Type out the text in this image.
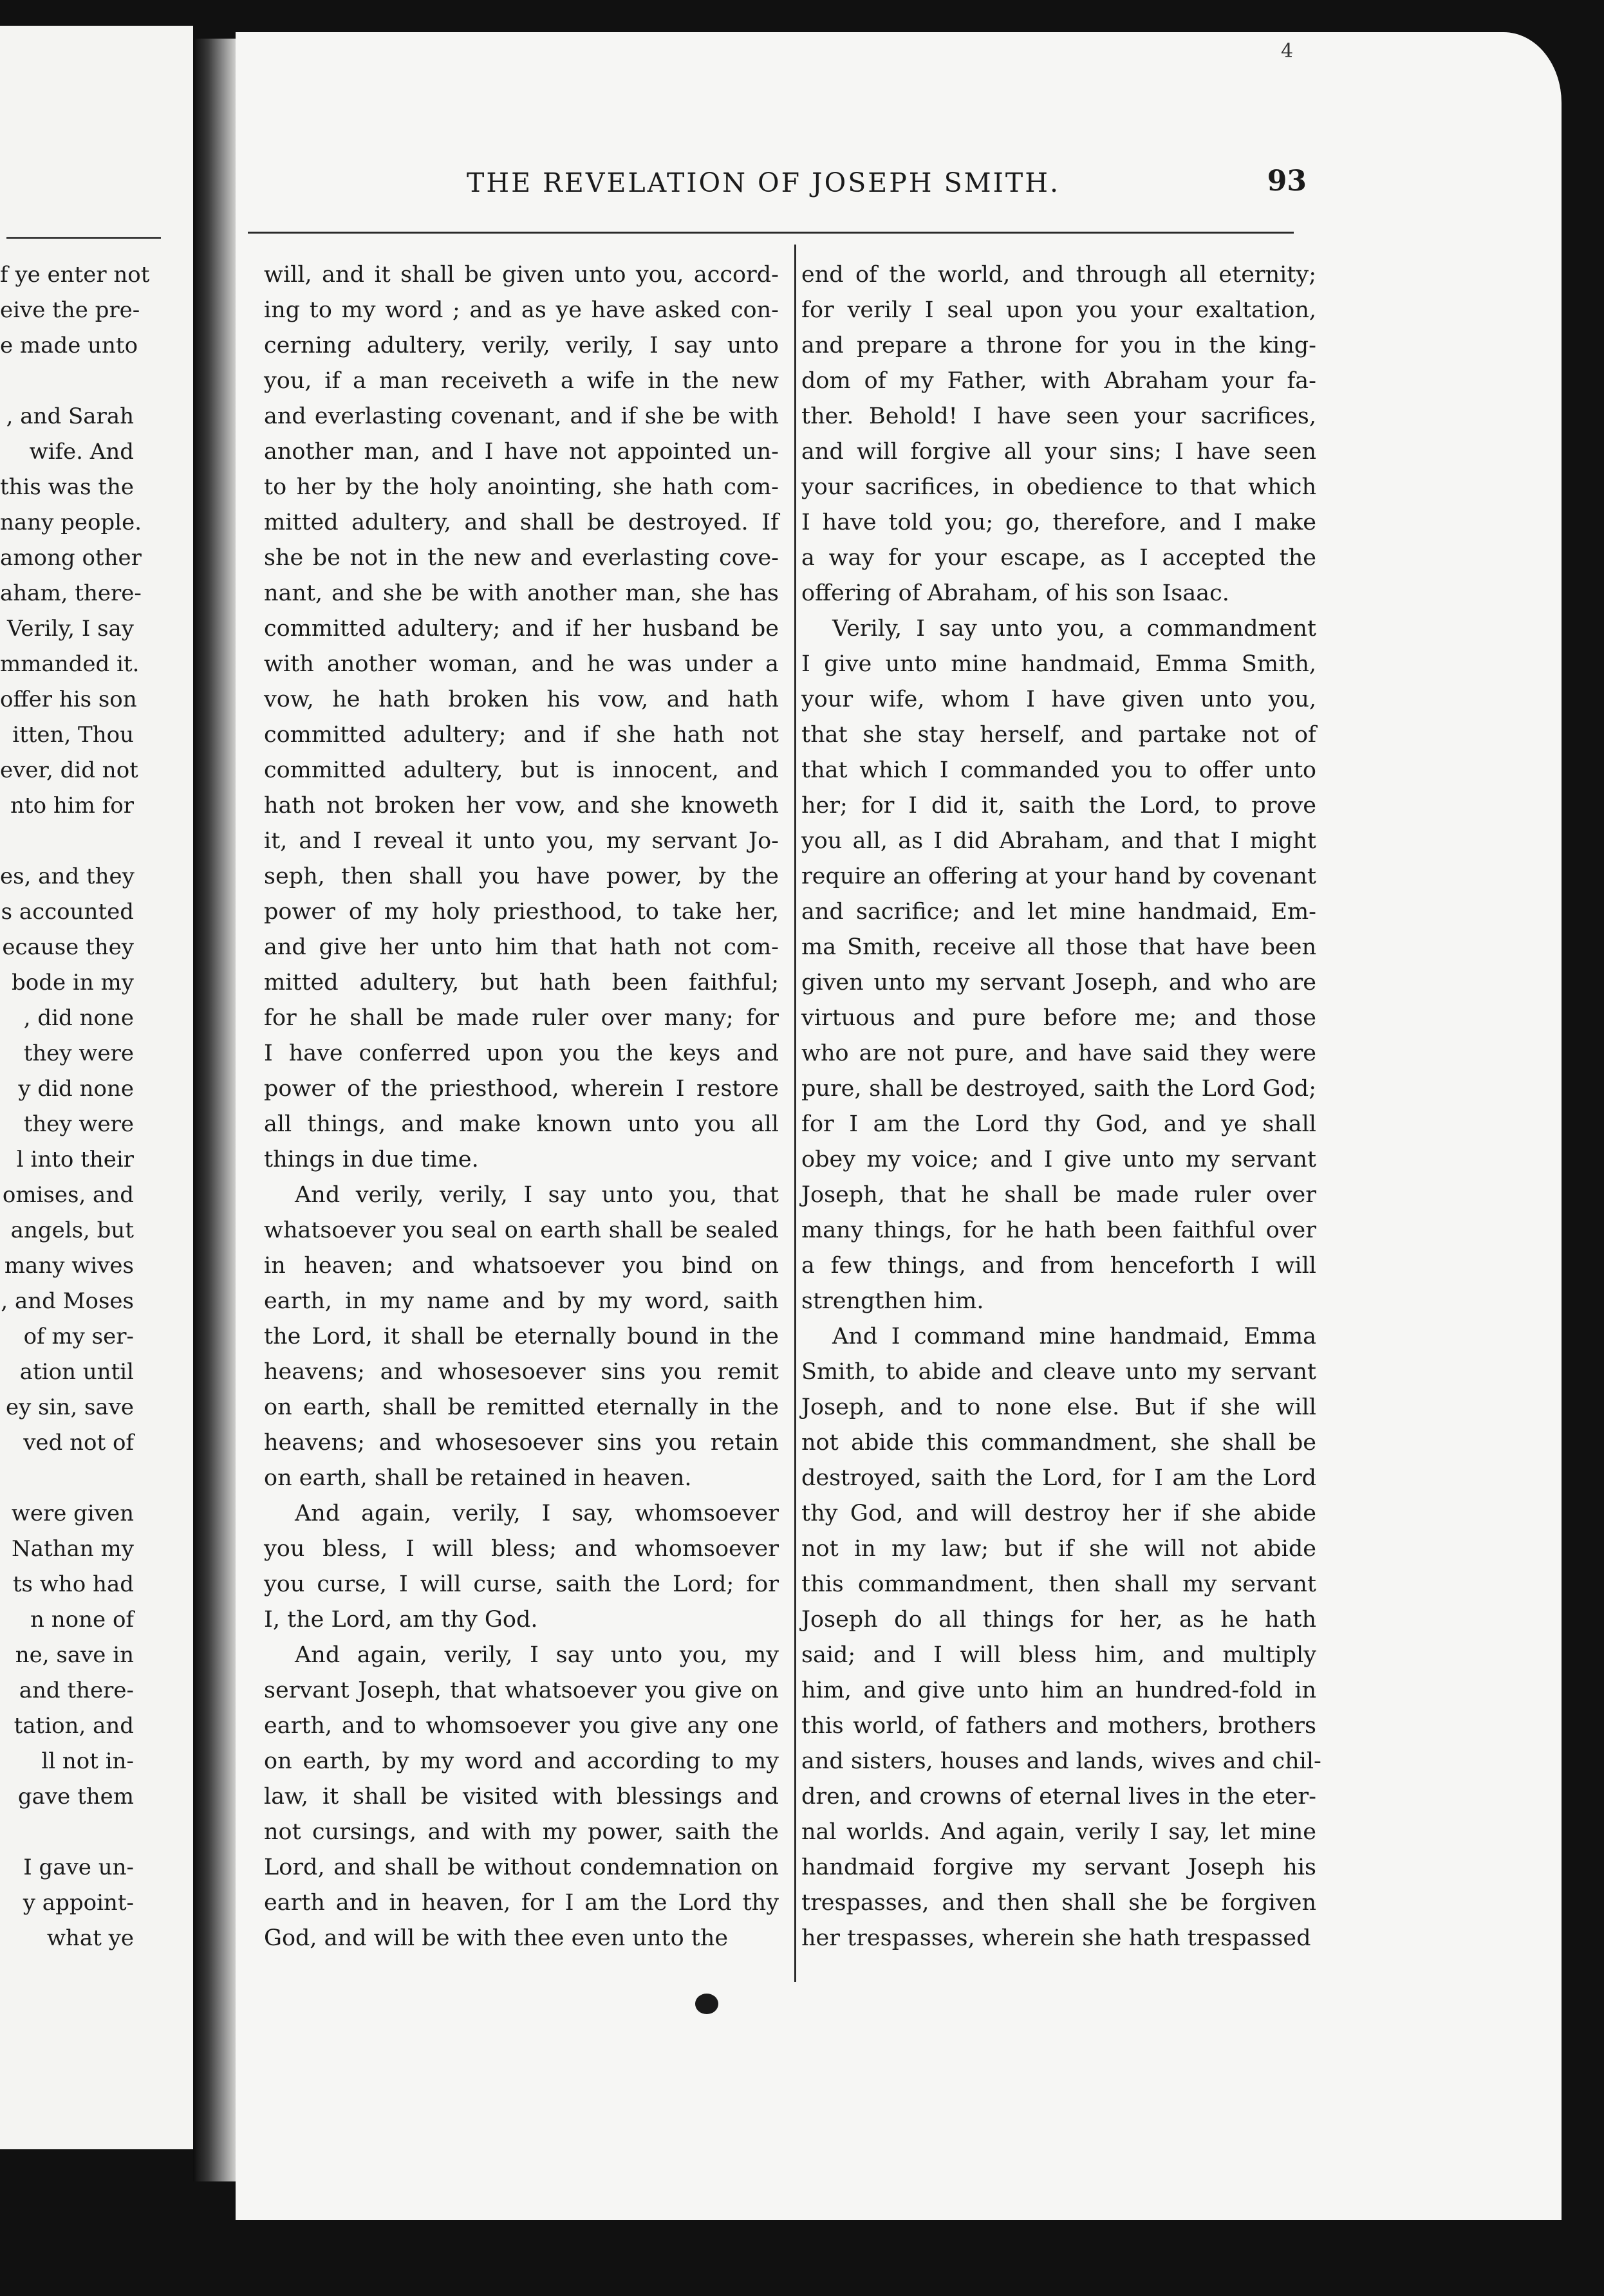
f ye enter not
eive the pre-
e made unto
, and Sarah
wife. And
this was the
nany people.
among other
aham, there-
Verily, I say
mmanded it.
offer his son
itten, Thou
ever, did not
nto him for
es, and they
s accounted
ecause they
bode in my
, did none
they were
y did none
they were
l into their
omises, and
angels, but
many wives
, and Moses
of my ser-
ation until
ey sin, save
ved not of
were given
Nathan my
ts who had
n none of
ne, save in
and there-
tation, and
ll not in-
gave them
I gave un-
y appoint-
what ye
4
THE REVELATION OF JOSEPH SMITH.	93
will, and it shall be given unto you, accord-
ing to my word ; and as ye have asked con-
cerning adultery, verily, verily, I say unto
you, if a man receiveth a wife in the new
and everlasting covenant, and if she be with
another man, and I have not appointed un-
to her by the holy anointing, she hath com-
mitted adultery, and shall be destroyed. If
she be not in the new and everlasting cove-
nant, and she be with another man, she has
committed adultery; and if her husband be
with another woman, and he was under a
vow, he hath broken his vow, and hath
committed adultery; and if she hath not
committed adultery, but is innocent, and
hath not broken her vow, and she knoweth
it, and I reveal it unto you, my servant Jo-
seph, then shall you have power, by the
power of my holy priesthood, to take her,
and give her unto him that hath not com-
mitted adultery, but hath been faithful;
for he shall be made ruler over many; for
I have conferred upon you the keys and
power of the priesthood, wherein I restore
all things, and make known unto you all
things in due time.
And verily, verily, I say unto you, that
whatsoever you seal on earth shall be sealed
in heaven; and whatsoever you bind on
earth, in my name and by my word, saith
the Lord, it shall be eternally bound in the
heavens; and whosesoever sins you remit
on earth, shall be remitted eternally in the
heavens; and whosesoever sins you retain
on earth, shall be retained in heaven.
And again, verily, I say, whomsoever
you bless, I will bless; and whomsoever
you curse, I will curse, saith the Lord; for
I, the Lord, am thy God.
And again, verily, I say unto you, my
servant Joseph, that whatsoever you give on
earth, and to whomsoever you give any one
on earth, by my word and according to my
law, it shall be visited with blessings and
not cursings, and with my power, saith the
Lord, and shall be without condemnation on
earth and in heaven, for I am the Lord thy
God, and will be with thee even unto the
end of the world, and through all eternity;
for verily I seal upon you your exaltation,
and prepare a throne for you in the king-
dom of my Father, with Abraham your fa-
ther. Behold! I have seen your sacrifices,
and will forgive all your sins; I have seen
your sacrifices, in obedience to that which
I have told you; go, therefore, and I make
a way for your escape, as I accepted the
offering of Abraham, of his son Isaac.
Verily, I say unto you, a commandment
I give unto mine handmaid, Emma Smith,
your wife, whom I have given unto you,
that she stay herself, and partake not of
that which I commanded you to offer unto
her; for I did it, saith the Lord, to prove
you all, as I did Abraham, and that I might
require an offering at your hand by covenant
and sacrifice; and let mine handmaid, Em-
ma Smith, receive all those that have been
given unto my servant Joseph, and who are
virtuous and pure before me; and those
who are not pure, and have said they were
pure, shall be destroyed, saith the Lord God;
for I am the Lord thy God, and ye shall
obey my voice; and I give unto my servant
Joseph, that he shall be made ruler over
many things, for he hath been faithful over
a few things, and from henceforth I will
strengthen him.
And I command mine handmaid, Emma
Smith, to abide and cleave unto my servant
Joseph, and to none else. But if she will
not abide this commandment, she shall be
destroyed, saith the Lord, for I am the Lord
thy God, and will destroy her if she abide
not in my law; but if she will not abide
this commandment, then shall my servant
Joseph do all things for her, as he hath
said; and I will bless him, and multiply
him, and give unto him an hundred-fold in
this world, of fathers and mothers, brothers
and sisters, houses and lands, wives and chil-
dren, and crowns of eternal lives in the eter-
nal worlds. And again, verily I say, let mine
handmaid forgive my servant Joseph his
trespasses, and then shall she be forgiven
her trespasses, wherein she hath trespassed
